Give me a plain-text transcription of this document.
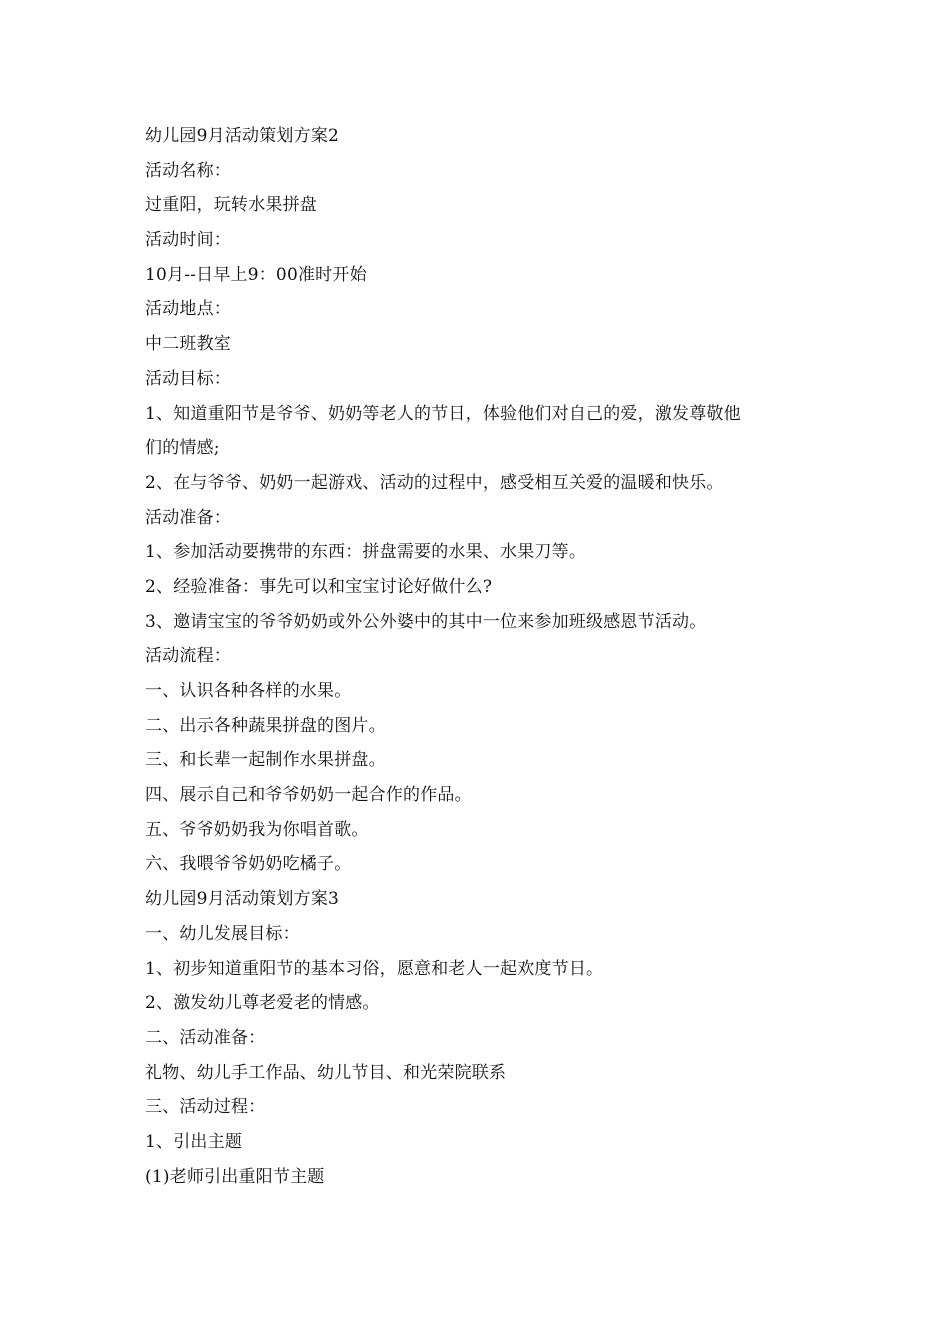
幼儿园9月活动策划方案2
活动名称：
过重阳，玩转水果拼盘
活动时间：
10月--日早上9：00准时开始
活动地点：
中二班教室
活动目标：
1、知道重阳节是爷爷、奶奶等老人的节日，体验他们对自己的爱，激发尊敬他
们的情感;
2、在与爷爷、奶奶一起游戏、活动的过程中，感受相互关爱的温暖和快乐。
活动准备：
1、参加活动要携带的东西：拼盘需要的水果、水果刀等。
2、经验准备：事先可以和宝宝讨论好做什么?
3、邀请宝宝的爷爷奶奶或外公外婆中的其中一位来参加班级感恩节活动。
活动流程：
一、认识各种各样的水果。
二、出示各种蔬果拼盘的图片。
三、和长辈一起制作水果拼盘。
四、展示自己和爷爷奶奶一起合作的作品。
五、爷爷奶奶我为你唱首歌。
六、我喂爷爷奶奶吃橘子。
幼儿园9月活动策划方案3
一、幼儿发展目标：
1、初步知道重阳节的基本习俗，愿意和老人一起欢度节日。
2、激发幼儿尊老爱老的情感。
二、活动准备：
礼物、幼儿手工作品、幼儿节目、和光荣院联系
三、活动过程：
1、引出主题
(1)老师引出重阳节主题
